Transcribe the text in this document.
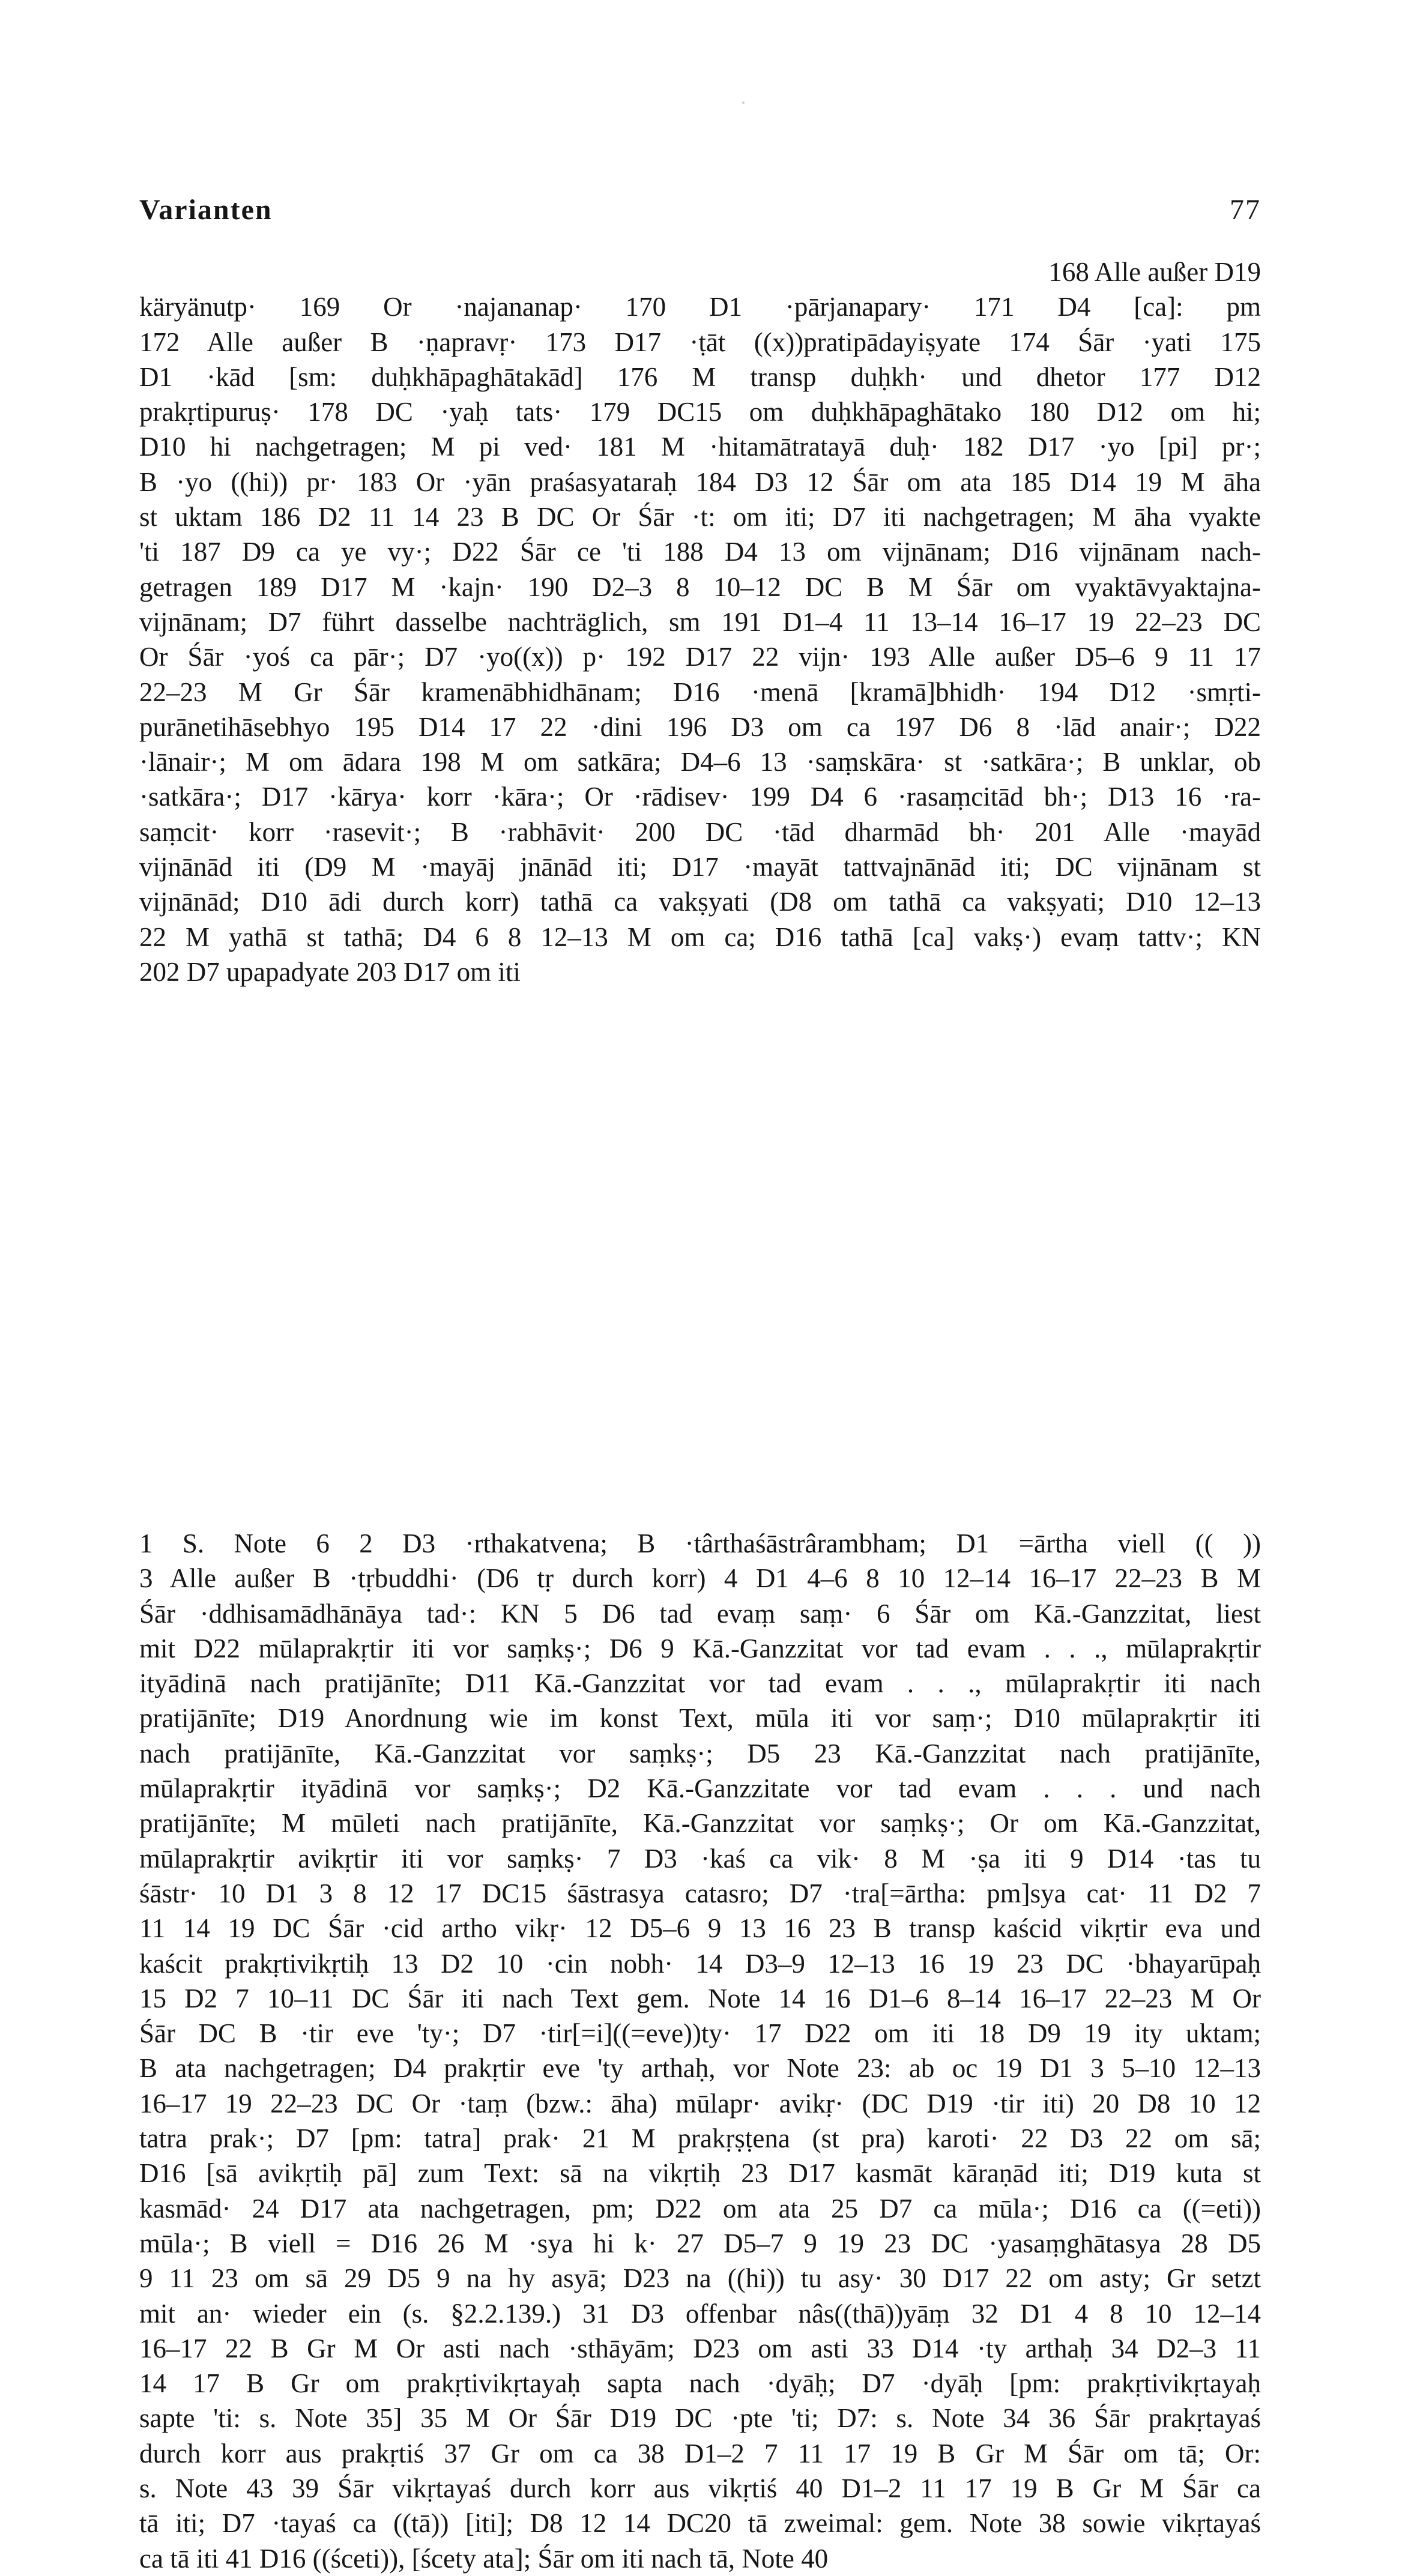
Varianten	77
168 Alle außer D19
käryänutp· 169 Or ·najananap· 170 D1 ·pārjanapary· 171 D4 [ca]: pm
172 Alle außer B ·ṇapravṛ· 173 D17 ·ṭāt ((x))pratipādayiṣyate 174 Śār ·yati 175
D1 ·kād [sm: duḥkhāpaghātakād] 176 M transp duḥkh· und dhetor 177 D12
prakṛtipuruṣ· 178 DC ·yaḥ tats· 179 DC15 om duḥkhāpaghātako 180 D12 om hi;
D10 hi nachgetragen; M pi ved· 181 M ·hitamātratayā duḥ· 182 D17 ·yo [pi] pr·;
B ·yo ((hi)) pr· 183 Or ·yān praśasyataraḥ 184 D3 12 Śār om ata 185 D14 19 M āha
st uktam 186 D2 11 14 23 B DC Or Śār ·t: om iti; D7 iti nachgetragen; M āha vyakte
'ti 187 D9 ca ye vy·; D22 Śār ce 'ti 188 D4 13 om vijnānam; D16 vijnānam nach-
getragen 189 D17 M ·kajn· 190 D2–3 8 10–12 DC B M Śār om vyaktāvyaktajna-
vijnānam; D7 führt dasselbe nachträglich, sm 191 D1–4 11 13–14 16–17 19 22–23 DC
Or Śār ·yoś ca pār·; D7 ·yo((x)) p· 192 D17 22 vijn· 193 Alle außer D5–6 9 11 17
22–23 M Gr Śār kramenābhidhānam; D16 ·menā [kramā]bhidh· 194 D12 ·smṛti-
purānetihāsebhyo 195 D14 17 22 ·dini 196 D3 om ca 197 D6 8 ·lād anair·; D22
·lānair·; M om ādara 198 M om satkāra; D4–6 13 ·saṃskāra· st ·satkāra·; B unklar, ob
·satkāra·; D17 ·kārya· korr ·kāra·; Or ·rādisev· 199 D4 6 ·rasaṃcitād bh·; D13 16 ·ra-
saṃcit· korr ·rasevit·; B ·rabhāvit· 200 DC ·tād dharmād bh· 201 Alle ·mayād
vijnānād iti (D9 M ·mayāj jnānād iti; D17 ·mayāt tattvajnānād iti; DC vijnānam st
vijnānād; D10 ādi durch korr) tathā ca vakṣyati (D8 om tathā ca vakṣyati; D10 12–13
22 M yathā st tathā; D4 6 8 12–13 M om ca; D16 tathā [ca] vakṣ·) evaṃ tattv·; KN
202 D7 upapadyate 203 D17 om iti
1 S. Note 6 2 D3 ·rthakatvena; B ·târthaśāstrârambham; D1 =ārtha viell (( ))
3 Alle außer B ·tṛbuddhi· (D6 tṛ durch korr) 4 D1 4–6 8 10 12–14 16–17 22–23 B M
Śār ·ddhisamādhānāya tad·: KN 5 D6 tad evaṃ saṃ· 6 Śār om Kā.-Ganzzitat, liest
mit D22 mūlaprakṛtir iti vor saṃkṣ·; D6 9 Kā.-Ganzzitat vor tad evam . . ., mūlaprakṛtir
ityādinā nach pratijānīte; D11 Kā.-Ganzzitat vor tad evam . . ., mūlaprakṛtir iti nach
pratijānīte; D19 Anordnung wie im konst Text, mūla iti vor saṃ·; D10 mūlaprakṛtir iti
nach pratijānīte, Kā.-Ganzzitat vor saṃkṣ·; D5 23 Kā.-Ganzzitat nach pratijānīte,
mūlaprakṛtir ityādinā vor saṃkṣ·; D2 Kā.-Ganzzitate vor tad evam . . . und nach
pratijānīte; M mūleti nach pratijānīte, Kā.-Ganzzitat vor saṃkṣ·; Or om Kā.-Ganzzitat,
mūlaprakṛtir avikṛtir iti vor saṃkṣ· 7 D3 ·kaś ca vik· 8 M ·ṣa iti 9 D14 ·tas tu
śāstr· 10 D1 3 8 12 17 DC15 śāstrasya catasro; D7 ·tra[=ārtha: pm]sya cat· 11 D2 7
11 14 19 DC Śār ·cid artho vikṛ· 12 D5–6 9 13 16 23 B transp kaścid vikṛtir eva und
kaścit prakṛtivikṛtiḥ 13 D2 10 ·cin nobh· 14 D3–9 12–13 16 19 23 DC ·bhayarūpaḥ
15 D2 7 10–11 DC Śār iti nach Text gem. Note 14 16 D1–6 8–14 16–17 22–23 M Or
Śār DC B ·tir eve 'ty·; D7 ·tir[=i]((=eve))ty· 17 D22 om iti 18 D9 19 ity uktam;
B ata nachgetragen; D4 prakṛtir eve 'ty arthaḥ, vor Note 23: ab oc 19 D1 3 5–10 12–13
16–17 19 22–23 DC Or ·taṃ (bzw.: āha) mūlapr· avikṛ· (DC D19 ·tir iti) 20 D8 10 12
tatra prak·; D7 [pm: tatra] prak· 21 M prakṛṣṭena (st pra) karoti· 22 D3 22 om sā;
D16 [sā avikṛtiḥ pā] zum Text: sā na vikṛtiḥ 23 D17 kasmāt kāraṇād iti; D19 kuta st
kasmād· 24 D17 ata nachgetragen, pm; D22 om ata 25 D7 ca mūla·; D16 ca ((=eti))
mūla·; B viell = D16 26 M ·sya hi k· 27 D5–7 9 19 23 DC ·yasaṃghātasya 28 D5
9 11 23 om sā 29 D5 9 na hy asyā; D23 na ((hi)) tu asy· 30 D17 22 om asty; Gr setzt
mit an· wieder ein (s. §2.2.139.) 31 D3 offenbar nâs((thā))yāṃ 32 D1 4 8 10 12–14
16–17 22 B Gr M Or asti nach ·sthāyām; D23 om asti 33 D14 ·ty arthaḥ 34 D2–3 11
14 17 B Gr om prakṛtivikṛtayaḥ sapta nach ·dyāḥ; D7 ·dyāḥ [pm: prakṛtivikṛtayaḥ
sapte 'ti: s. Note 35] 35 M Or Śār D19 DC ·pte 'ti; D7: s. Note 34 36 Śār prakṛtayaś
durch korr aus prakṛtiś 37 Gr om ca 38 D1–2 7 11 17 19 B Gr M Śār om tā; Or:
s. Note 43 39 Śār vikṛtayaś durch korr aus vikṛtiś 40 D1–2 11 17 19 B Gr M Śār ca
tā iti; D7 ·tayaś ca ((tā)) [iti]; D8 12 14 DC20 tā zweimal: gem. Note 38 sowie vikṛtayaś
ca tā iti 41 D16 ((śceti)), [ścety ata]; Śār om iti nach tā, Note 40
